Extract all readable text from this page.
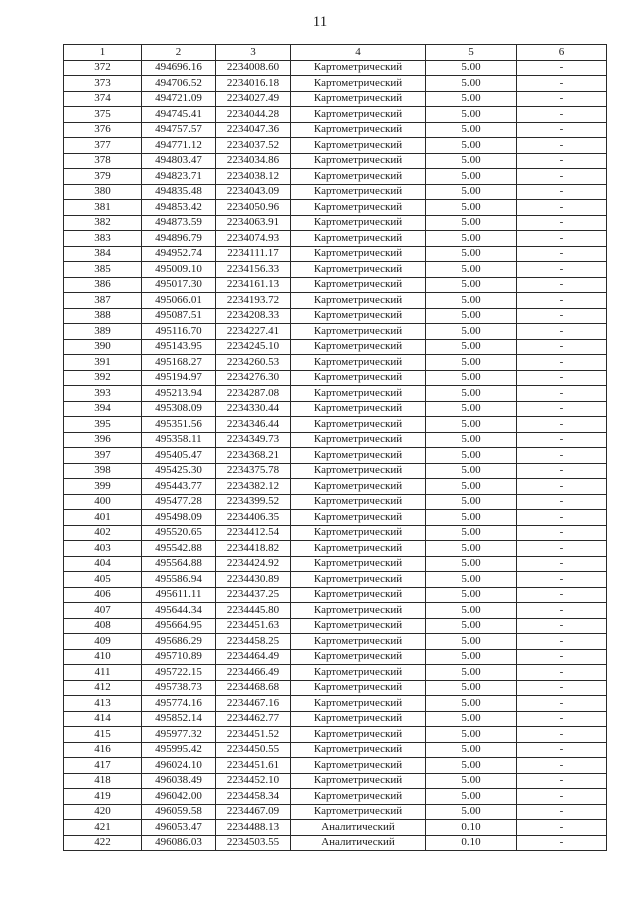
11
1	2	3	4	5	6
372	494696.16	2234008.60	Картометрический	5.00	-
373	494706.52	2234016.18	Картометрический	5.00	-
374	494721.09	2234027.49	Картометрический	5.00	-
375	494745.41	2234044.28	Картометрический	5.00	-
376	494757.57	2234047.36	Картометрический	5.00	-
377	494771.12	2234037.52	Картометрический	5.00	-
378	494803.47	2234034.86	Картометрический	5.00	-
379	494823.71	2234038.12	Картометрический	5.00	-
380	494835.48	2234043.09	Картометрический	5.00	-
381	494853.42	2234050.96	Картометрический	5.00	-
382	494873.59	2234063.91	Картометрический	5.00	-
383	494896.79	2234074.93	Картометрический	5.00	-
384	494952.74	2234111.17	Картометрический	5.00	-
385	495009.10	2234156.33	Картометрический	5.00	-
386	495017.30	2234161.13	Картометрический	5.00	-
387	495066.01	2234193.72	Картометрический	5.00	-
388	495087.51	2234208.33	Картометрический	5.00	-
389	495116.70	2234227.41	Картометрический	5.00	-
390	495143.95	2234245.10	Картометрический	5.00	-
391	495168.27	2234260.53	Картометрический	5.00	-
392	495194.97	2234276.30	Картометрический	5.00	-
393	495213.94	2234287.08	Картометрический	5.00	-
394	495308.09	2234330.44	Картометрический	5.00	-
395	495351.56	2234346.44	Картометрический	5.00	-
396	495358.11	2234349.73	Картометрический	5.00	-
397	495405.47	2234368.21	Картометрический	5.00	-
398	495425.30	2234375.78	Картометрический	5.00	-
399	495443.77	2234382.12	Картометрический	5.00	-
400	495477.28	2234399.52	Картометрический	5.00	-
401	495498.09	2234406.35	Картометрический	5.00	-
402	495520.65	2234412.54	Картометрический	5.00	-
403	495542.88	2234418.82	Картометрический	5.00	-
404	495564.88	2234424.92	Картометрический	5.00	-
405	495586.94	2234430.89	Картометрический	5.00	-
406	495611.11	2234437.25	Картометрический	5.00	-
407	495644.34	2234445.80	Картометрический	5.00	-
408	495664.95	2234451.63	Картометрический	5.00	-
409	495686.29	2234458.25	Картометрический	5.00	-
410	495710.89	2234464.49	Картометрический	5.00	-
411	495722.15	2234466.49	Картометрический	5.00	-
412	495738.73	2234468.68	Картометрический	5.00	-
413	495774.16	2234467.16	Картометрический	5.00	-
414	495852.14	2234462.77	Картометрический	5.00	-
415	495977.32	2234451.52	Картометрический	5.00	-
416	495995.42	2234450.55	Картометрический	5.00	-
417	496024.10	2234451.61	Картометрический	5.00	-
418	496038.49	2234452.10	Картометрический	5.00	-
419	496042.00	2234458.34	Картометрический	5.00	-
420	496059.58	2234467.09	Картометрический	5.00	-
421	496053.47	2234488.13	Аналитический	0.10	-
422	496086.03	2234503.55	Аналитический	0.10	-
